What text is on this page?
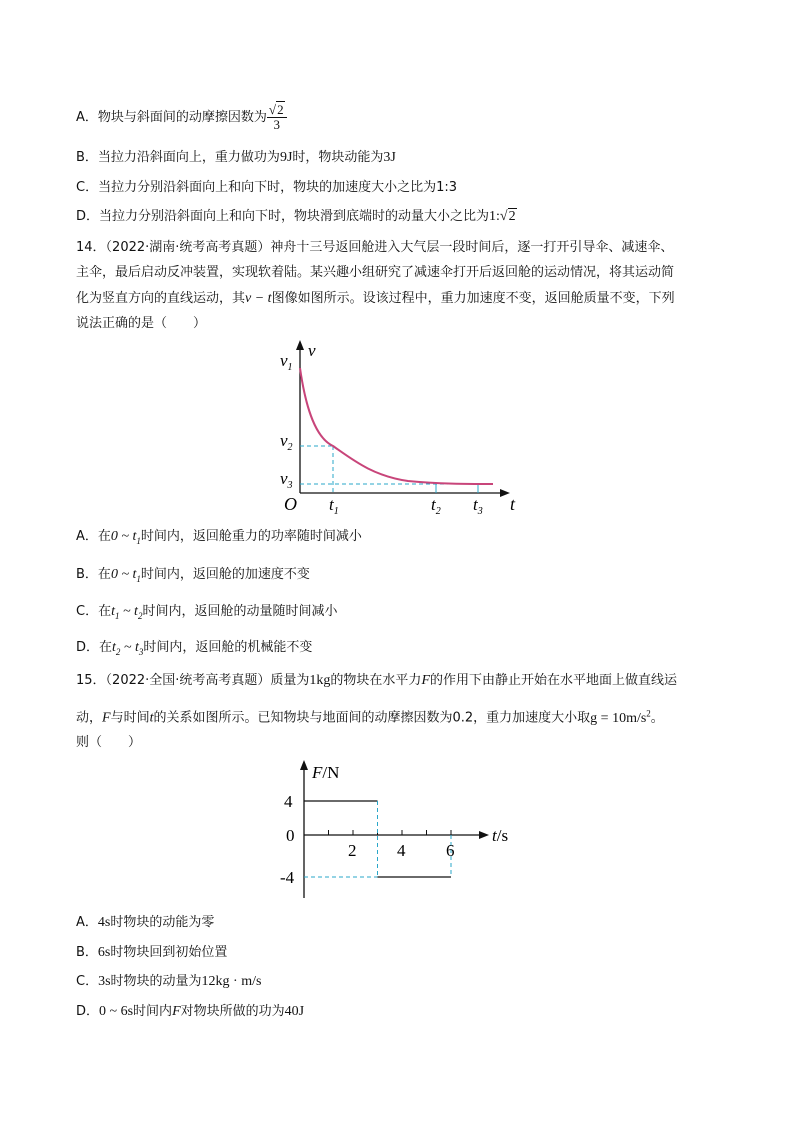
A．物块与斜面间的动摩擦因数为 $\frac{√2}{3}$
B．当拉力沿斜面向上，重力做功为9J时，物块动能为3J
C．当拉力分别沿斜面向上和向下时，物块的加速度大小之比为1:3
D．当拉力分别沿斜面向上和向下时，物块滑到底端时的动量大小之比为1:√2
14．（2022·湖南·统考高考真题）神舟十三号返回舱进入大气层一段时间后，逐一打开引导伞、减速伞、
主伞，最后启动反冲装置，实现软着陆。某兴趣小组研究了减速伞打开后返回舱的运动情况，将其运动简
化为竖直方向的直线运动，其v − t图像如图所示。设该过程中，重力加速度不变，返回舱质量不变，下列
说法正确的是（　　）
$v_1$
v
$v_2$
$v_3$
O $t_1$	$t_2$ $t_3$ t
A．在0 ~ $t_1$时间内，返回舱重力的功率随时间减小
B．在0 ~ $t_1$时间内，返回舱的加速度不变
C．在$t_1$ ~ $t_2$时间内，返回舱的动量随时间减小
D．在$t_2$ ~ $t_3$时间内，返回舱的机械能不变
15．（2022·全国·统考高考真题）质量为1kg的物块在水平力F的作用下由静止开始在水平地面上做直线运
动，F与时间t的关系如图所示。已知物块与地面间的动摩擦因数为0.2，重力加速度大小取$g = 10m/s^2$。
则（　　）
F/N
4
0
-4
2 4 6
t/s
A．4s时物块的动能为零
B．6s时物块回到初始位置
C．3s时物块的动量为12kg · m/s
D．0 ~ 6s时间内F对物块所做的功为40J
